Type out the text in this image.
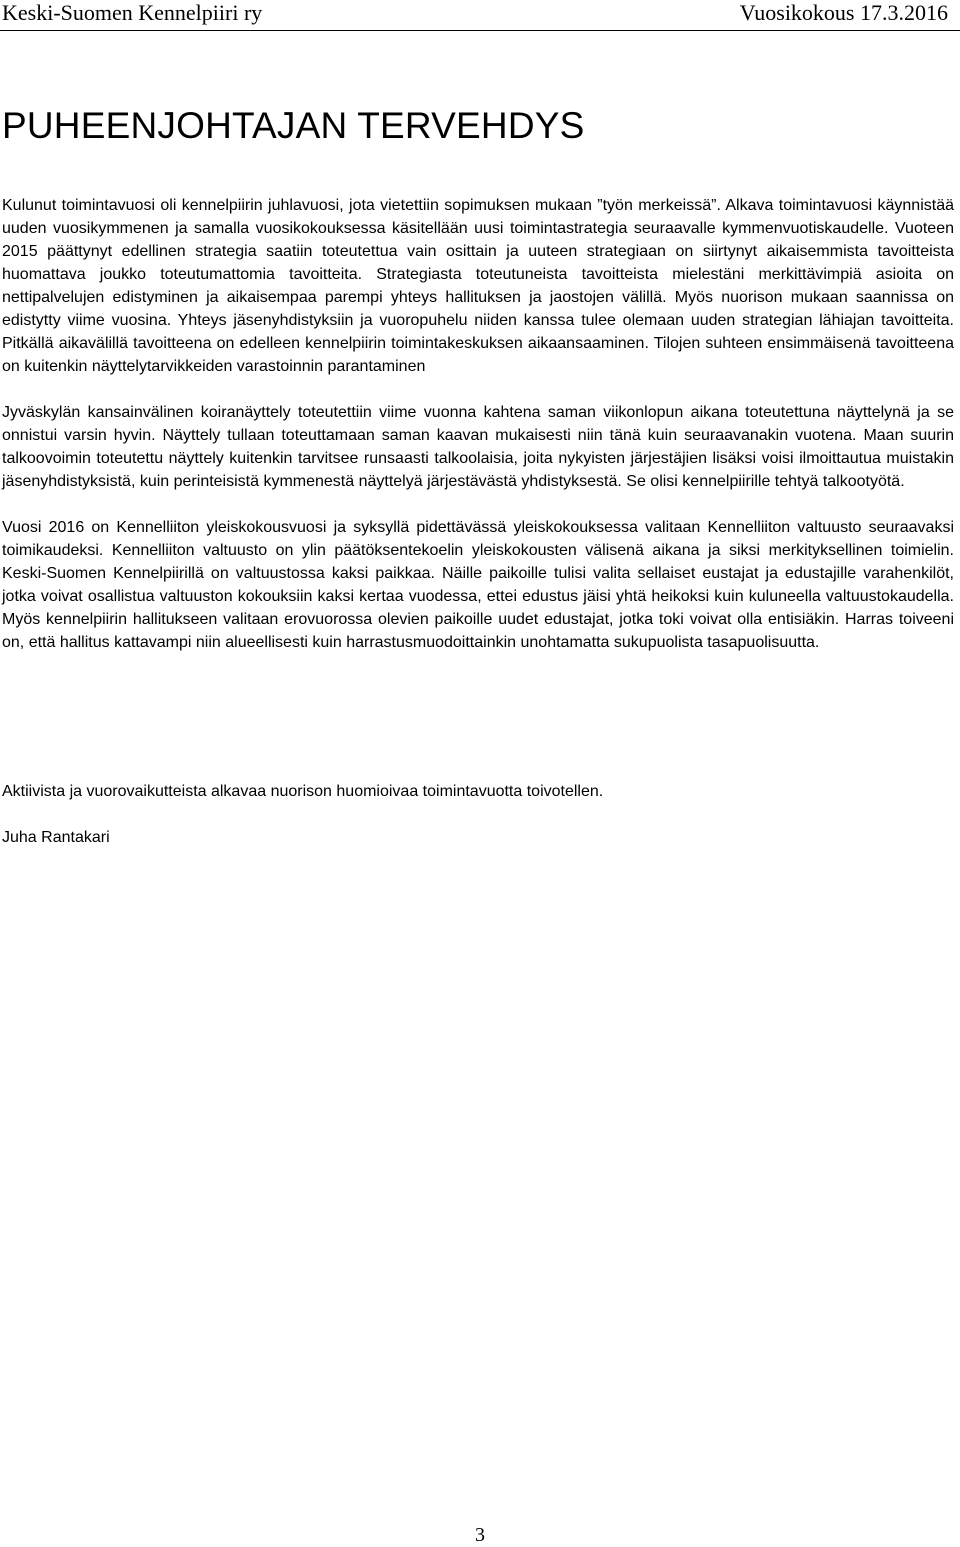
Keski-Suomen Kennelpiiri ry	Vuosikokous 17.3.2016
PUHEENJOHTAJAN TERVEHDYS

Kulunut toimintavuosi oli kennelpiirin juhlavuosi, jota vietettiin sopimuksen mukaan ”työn merkeissä”. Alkava toimintavuosi käynnistää uuden vuosikymmenen ja samalla vuosikokouksessa käsitellään uusi toimintastrategia seuraavalle kymmenvuotiskaudelle. Vuoteen 2015 päättynyt edellinen strategia saatiin toteutettua vain osittain ja uuteen strategiaan on siirtynyt aikaisemmista tavoitteista huomattava joukko toteutumattomia tavoitteita. Strategiasta toteutuneista tavoitteista mielestäni merkittävimpiä asioita on nettipalvelujen edistyminen ja aikaisempaa parempi yhteys hallituksen ja jaostojen välillä. Myös nuorison mukaan saannissa on edistytty viime vuosina. Yhteys jäsenyhdistyksiin ja vuoropuhelu niiden kanssa tulee olemaan uuden strategian lähiajan tavoitteita. Pitkällä aikavälillä tavoitteena on edelleen kennelpiirin toimintakeskuksen aikaansaaminen. Tilojen suhteen ensimmäisenä tavoitteena on kuitenkin näyttelytarvikkeiden varastoinnin parantaminen

Jyväskylän kansainvälinen koiranäyttely toteutettiin viime vuonna kahtena saman viikonlopun aikana toteutettuna näyttelynä ja se onnistui varsin hyvin. Näyttely tullaan toteuttamaan saman kaavan mukaisesti niin tänä kuin seuraavanakin vuotena. Maan suurin talkoovoimin toteutettu näyttely kuitenkin tarvitsee runsaasti talkoolaisia, joita nykyisten järjestäjien lisäksi voisi ilmoittautua muistakin jäsenyhdistyksistä, kuin perinteisistä kymmenestä näyttelyä järjestävästä yhdistyksestä. Se olisi kennelpiirille tehtyä talkootyötä.

Vuosi 2016 on Kennelliiton yleiskokousvuosi ja syksyllä pidettävässä yleiskokouksessa valitaan Kennelliiton valtuusto seuraavaksi toimikaudeksi. Kennelliiton valtuusto on ylin päätöksentekoelin yleiskokousten välisenä aikana ja siksi merkityksellinen toimielin. Keski-Suomen Kennelpiirillä on valtuustossa kaksi paikkaa. Näille paikoille tulisi valita sellaiset eustajat ja edustajille varahenkilöt, jotka voivat osallistua valtuuston kokouksiin kaksi kertaa vuodessa, ettei edustus jäisi yhtä heikoksi kuin kuluneella valtuustokaudella. Myös kennelpiirin hallitukseen valitaan erovuorossa olevien paikoille uudet edustajat, jotka toki voivat olla entisiäkin. Harras toiveeni on, että hallitus kattavampi niin alueellisesti kuin harrastusmuodoittainkin unohtamatta sukupuolista tasapuolisuutta.

Aktiivista ja vuorovaikutteista alkavaa nuorison huomioivaa toimintavuotta toivotellen.

Juha Rantakari

3
